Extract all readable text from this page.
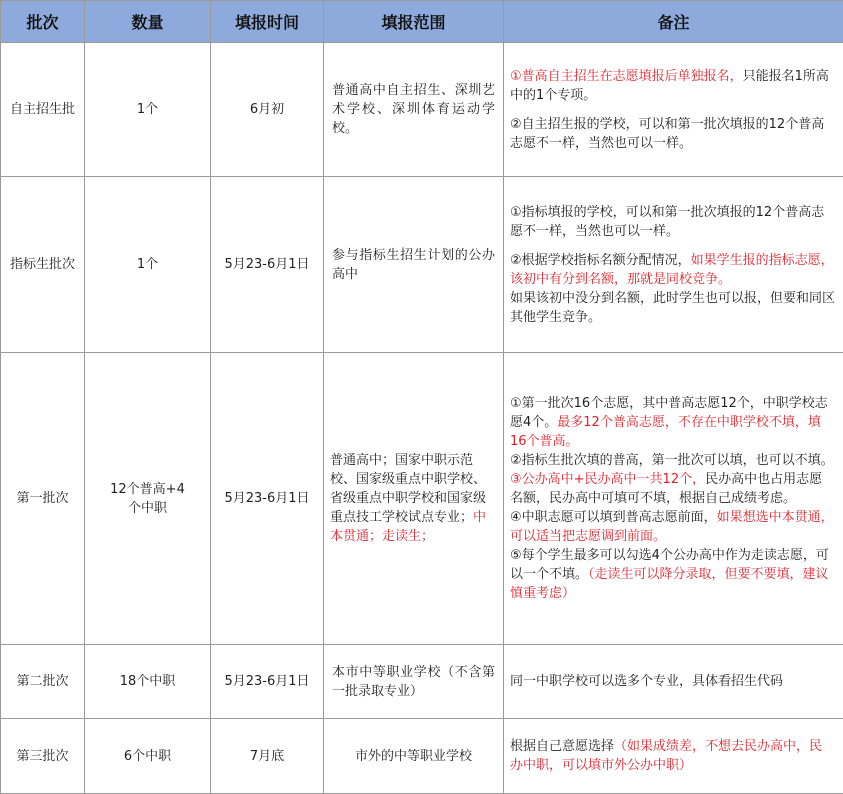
批次	数量	填报时间	填报范围	备注
自主招生批	1个	6月初	普通高中自主招生、深圳艺术学校、深圳体育运动学校。	①普高自主招生在志愿填报后单独报名，只能报名1所高中的1个专项。

②自主招生报的学校，可以和第一批次填报的12个普高志愿不一样，当然也可以一样。

指标生批次	1个	5月23-6月1日	参与指标生招生计划的公办高中	①指标填报的学校，可以和第一批次填报的12个普高志愿不一样，当然也可以一样。

②根据学校指标名额分配情况，如果学生报的指标志愿，该初中有分到名额，那就是同校竞争。

如果该初中没分到名额，此时学生也可以报，但要和同区其他学生竞争。

第一批次	12个普高+4个中职	5月23-6月1日	普通高中；国家中职示范校、国家级重点中职学校、省级重点中职学校和国家级重点技工学校试点专业；中本贯通；走读生；	①第一批次16个志愿，其中普高志愿12个，中职学校志愿4个。最多12个普高志愿，不存在中职学校不填，填16个普高。

②指标生批次填的普高，第一批次可以填，也可以不填。

③公办高中+民办高中一共12个，民办高中也占用志愿名额，民办高中可填可不填，根据自己成绩考虑。

④中职志愿可以填到普高志愿前面，如果想选中本贯通，可以适当把志愿调到前面。

⑤每个学生最多可以勾选4个公办高中作为走读志愿，可以一个不填。（走读生可以降分录取，但要不要填，建议慎重考虑）

第二批次	18个中职	5月23-6月1日	本市中等职业学校（不含第一批录取专业）	同一中职学校可以选多个专业，具体看招生代码

第三批次	6个中职	7月底	市外的中等职业学校	根据自己意愿选择（如果成绩差，不想去民办高中，民办中职，可以填市外公办中职）
